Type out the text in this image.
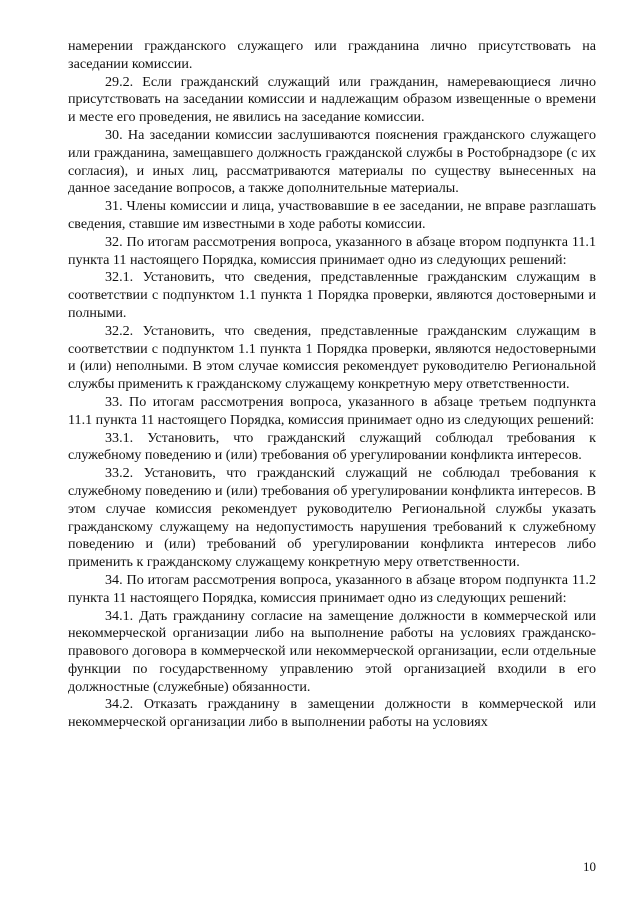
намерении гражданского служащего или гражданина лично присутствовать на заседании комиссии.

29.2. Если гражданский служащий или гражданин, намеревающиеся лично присутствовать на заседании комиссии и надлежащим образом извещенные о времени и месте его проведения, не явились на заседание комиссии.

30. На заседании комиссии заслушиваются пояснения гражданского служащего или гражданина, замещавшего должность гражданской службы в Ростобрнадзоре (с их согласия), и иных лиц, рассматриваются материалы по существу вынесенных на данное заседание вопросов, а также дополнительные материалы.

31. Члены комиссии и лица, участвовавшие в ее заседании, не вправе разглашать сведения, ставшие им известными в ходе работы комиссии.

32. По итогам рассмотрения вопроса, указанного в абзаце втором подпункта 11.1 пункта 11 настоящего Порядка, комиссия принимает одно из следующих решений:

32.1. Установить, что сведения, представленные гражданским служащим в соответствии с подпунктом 1.1 пункта 1 Порядка проверки, являются достоверными и полными.

32.2. Установить, что сведения, представленные гражданским служащим в соответствии с подпунктом 1.1 пункта 1 Порядка проверки, являются недостоверными и (или) неполными. В этом случае комиссия рекомендует руководителю Региональной службы применить к гражданскому служащему конкретную меру ответственности.

33. По итогам рассмотрения вопроса, указанного в абзаце третьем подпункта 11.1 пункта 11 настоящего Порядка, комиссия принимает одно из следующих решений:

33.1. Установить, что гражданский служащий соблюдал требования к служебному поведению и (или) требования об урегулировании конфликта интересов.

33.2. Установить, что гражданский служащий не соблюдал требования к служебному поведению и (или) требования об урегулировании конфликта интересов. В этом случае комиссия рекомендует руководителю Региональной службы указать гражданскому служащему на недопустимость нарушения требований к служебному поведению и (или) требований об урегулировании конфликта интересов либо применить к гражданскому служащему конкретную меру ответственности.

34. По итогам рассмотрения вопроса, указанного в абзаце втором подпункта 11.2 пункта 11 настоящего Порядка, комиссия принимает одно из следующих решений:

34.1. Дать гражданину согласие на замещение должности в коммерческой или некоммерческой организации либо на выполнение работы на условиях гражданско-правового договора в коммерческой или некоммерческой организации, если отдельные функции по государственному управлению этой организацией входили в его должностные (служебные) обязанности.

34.2. Отказать гражданину в замещении должности в коммерческой или некоммерческой организации либо в выполнении работы на условиях

10
